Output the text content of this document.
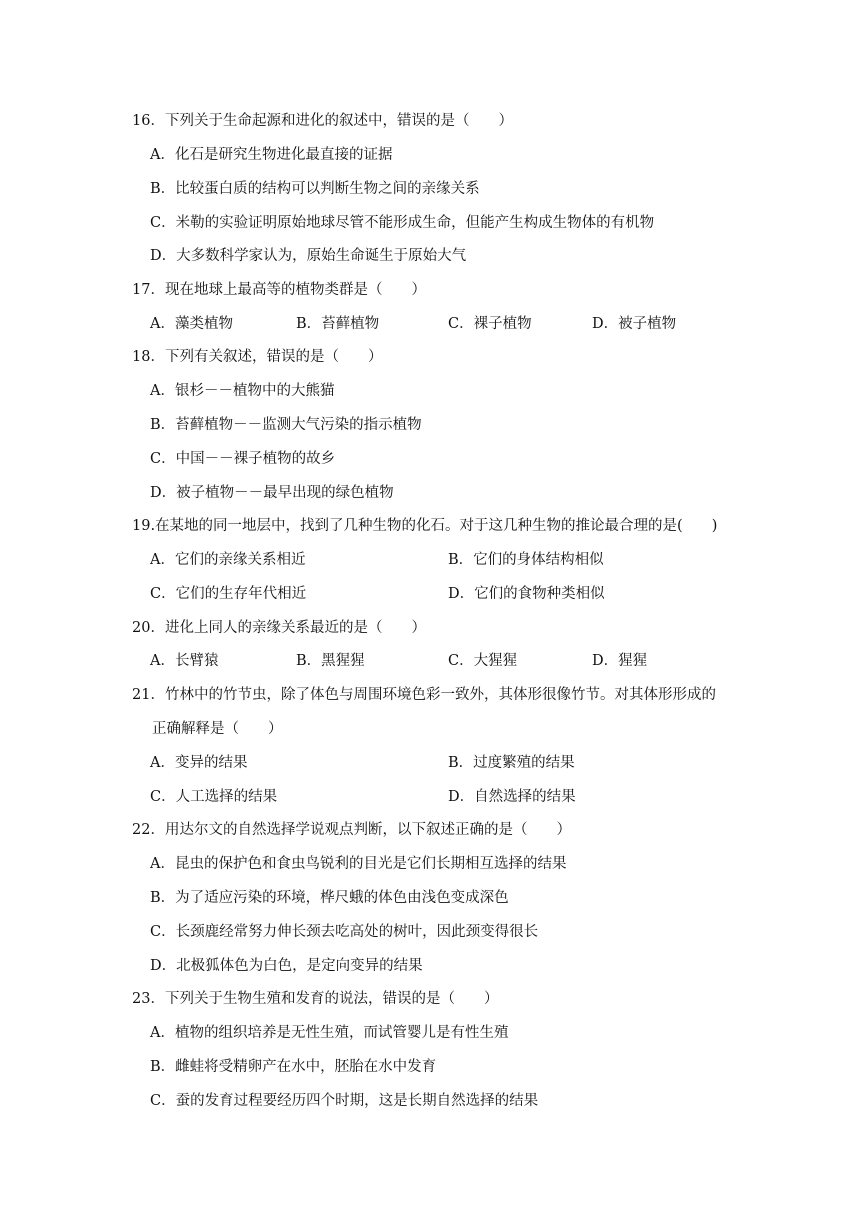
16．下列关于生命起源和进化的叙述中，错误的是（　　）
A．化石是研究生物进化最直接的证据
B．比较蛋白质的结构可以判断生物之间的亲缘关系
C．米勒的实验证明原始地球尽管不能形成生命，但能产生构成生物体的有机物
D．大多数科学家认为，原始生命诞生于原始大气
17．现在地球上最高等的植物类群是（　　）
A．藻类植物	B．苔藓植物	C．裸子植物	D．被子植物
18．下列有关叙述，错误的是（　　）
A．银杉－－植物中的大熊猫
B．苔藓植物－－监测大气污染的指示植物
C．中国－－裸子植物的故乡
D．被子植物－－最早出现的绿色植物
19.在某地的同一地层中，找到了几种生物的化石。对于这几种生物的推论最合理的是(　　)
A．它们的亲缘关系相近	B．它们的身体结构相似
C．它们的生存年代相近	D．它们的食物种类相似
20．进化上同人的亲缘关系最近的是（　　）
A．长臂猿	B．黑猩猩	C．大猩猩	D．猩猩
21．竹林中的竹节虫，除了体色与周围环境色彩一致外，其体形很像竹节。对其体形形成的
正确解释是（　　）
A．变异的结果	B．过度繁殖的结果
C．人工选择的结果	D．自然选择的结果
22．用达尔文的自然选择学说观点判断，以下叙述正确的是（　　）
A．昆虫的保护色和食虫鸟锐利的目光是它们长期相互选择的结果
B．为了适应污染的环境，桦尺蛾的体色由浅色变成深色
C．长颈鹿经常努力伸长颈去吃高处的树叶，因此颈变得很长
D．北极狐体色为白色，是定向变异的结果
23．下列关于生物生殖和发育的说法，错误的是（　　）
A．植物的组织培养是无性生殖，而试管婴儿是有性生殖
B．雌蛙将受精卵产在水中，胚胎在水中发育
C．蚕的发育过程要经历四个时期，这是长期自然选择的结果
